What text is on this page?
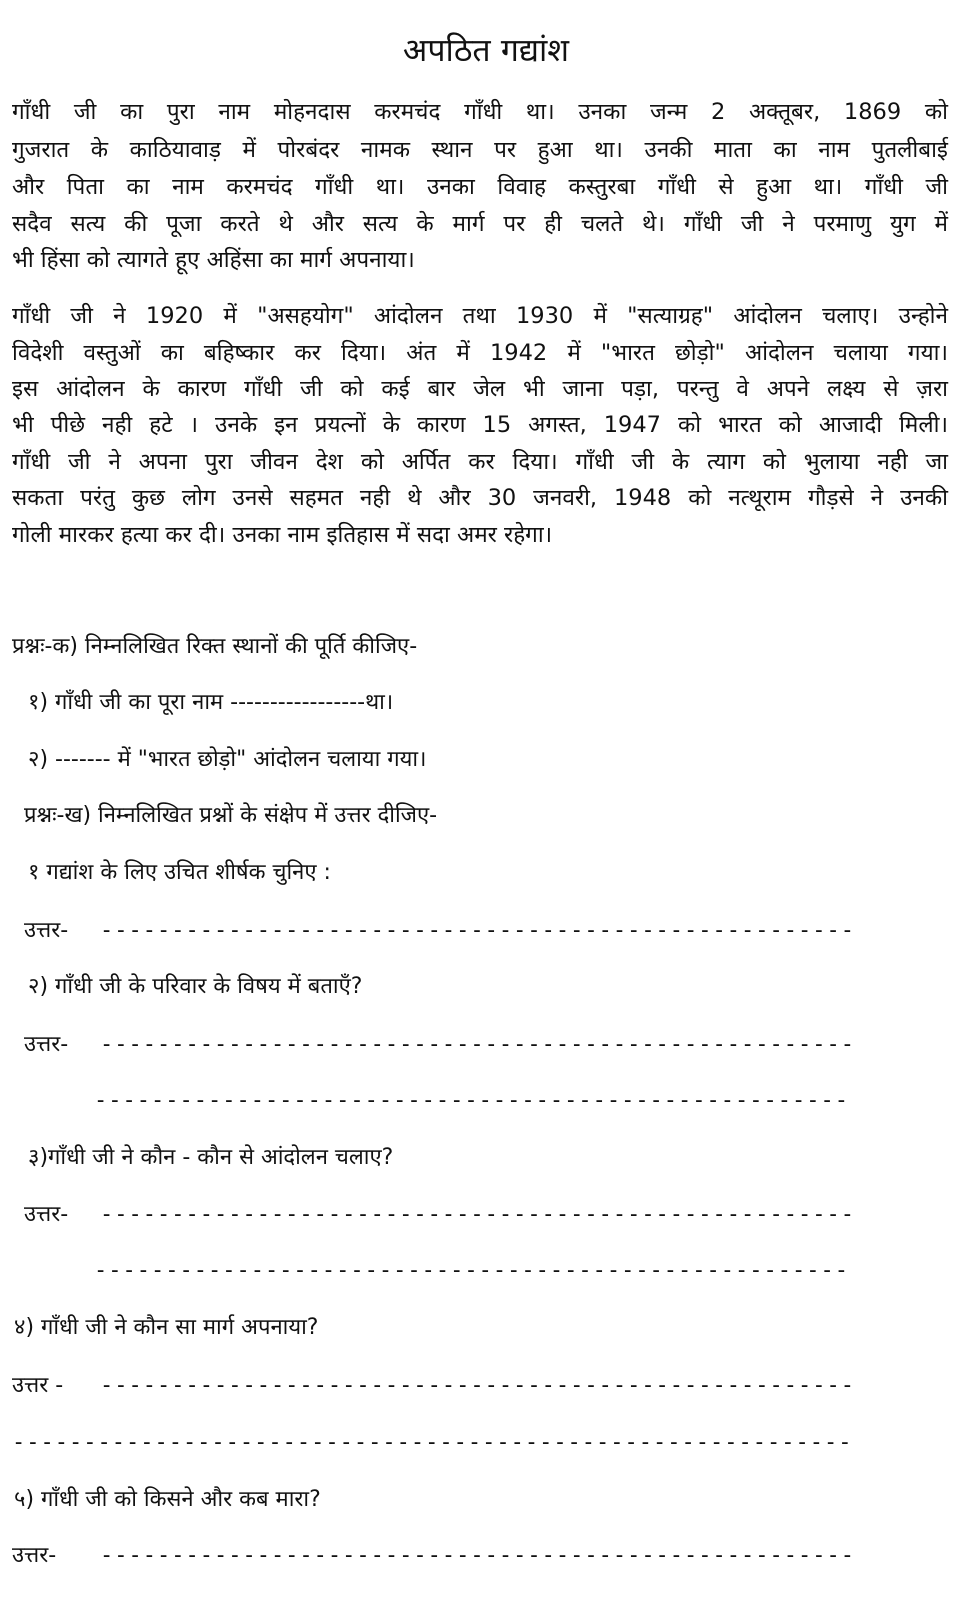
अपठित गद्यांश
गाँधी जी का पुरा नाम मोहनदास करमचंद गाँधी था। उनका जन्म 2 अक्तूबर, 1869 को
गुजरात के काठियावाड़ में पोरबंदर नामक स्थान पर हुआ था। उनकी माता का नाम पुतलीबाई
और पिता का नाम करमचंद गाँधी था। उनका विवाह कस्तुरबा गाँधी से हुआ था। गाँधी जी
सदैव सत्य की पूजा करते थे और सत्य के मार्ग पर ही चलते थे। गाँधी जी ने परमाणु युग में
भी हिंसा को त्यागते हूए अहिंसा का मार्ग अपनाया।
गाँधी जी ने 1920 में "असहयोग" आंदोलन तथा 1930 में "सत्याग्रह" आंदोलन चलाए। उन्होने
विदेशी वस्तुओं का बहिष्कार कर दिया। अंत में 1942 में "भारत छोड़ो" आंदोलन चलाया गया।
इस आंदोलन के कारण गाँधी जी को कई बार जेल भी जाना पड़ा, परन्तु वे अपने लक्ष्य से ज़रा
भी पीछे नही हटे । उनके इन प्रयत्नों के कारण 15 अगस्त, 1947 को भारत को आजादी मिली।
गाँधी जी ने अपना पुरा जीवन देश को अर्पित कर दिया। गाँधी जी के त्याग को भुलाया नही जा
सकता परंतु कुछ लोग उनसे सहमत नही थे और 30 जनवरी, 1948 को नत्थूराम गौड़से ने उनकी
गोली मारकर हत्या कर दी। उनका नाम इतिहास में सदा अमर रहेगा।
प्रश्नः-क) निम्नलिखित रिक्त स्थानों की पूर्ति कीजिए-
१) गाँधी जी का पूरा नाम -----------------था।
२) ------- में "भारत छोड़ो" आंदोलन चलाया गया।
प्रश्नः-ख) निम्नलिखित प्रश्नों के संक्षेप में उत्तर दीजिए-
१ गद्यांश के लिए उचित शीर्षक चुनिए :
उत्तर- -----------------------------------------------------
२) गाँधी जी के परिवार के विषय में बताएँ?
उत्तर- -----------------------------------------------------
-----------------------------------------------------
३)गाँधी जी ने कौन - कौन से आंदोलन चलाए?
उत्तर- -----------------------------------------------------
-----------------------------------------------------
४) गाँधी जी ने कौन सा मार्ग अपनाया?
उत्तर - -----------------------------------------------------
-----------------------------------------------------------
५) गाँधी जी को किसने और कब मारा?
उत्तर- -----------------------------------------------------
